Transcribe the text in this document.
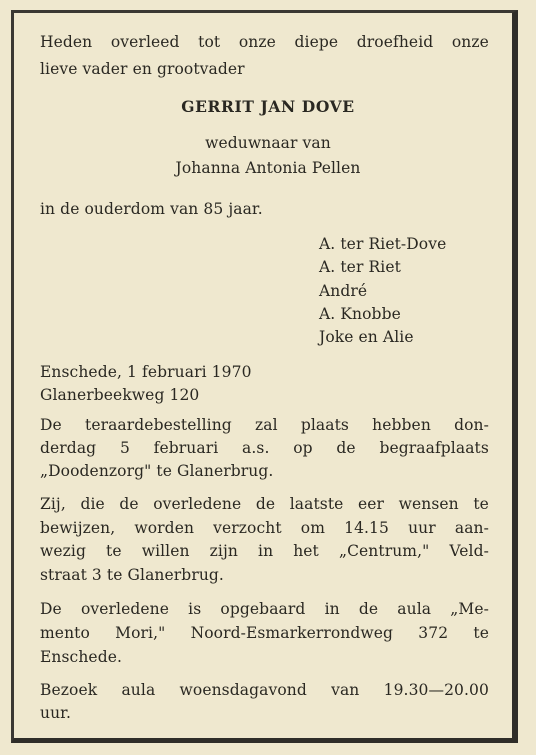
Heden overleed tot onze diepe droefheid onze
lieve vader en grootvader
GERRIT JAN DOVE
weduwnaar van
Johanna Antonia Pellen
in de ouderdom van 85 jaar.
A. ter Riet-Dove
A. ter Riet
André
A. Knobbe
Joke en Alie
Enschede, 1 februari 1970
Glanerbeekweg 120
De teraardebestelling zal plaats hebben don-
derdag 5 februari a.s. op de begraafplaats
„Doodenzorg" te Glanerbrug.
Zij, die de overledene de laatste eer wensen te
bewijzen, worden verzocht om 14.15 uur aan-
wezig te willen zijn in het „Centrum," Veld-
straat 3 te Glanerbrug.
De overledene is opgebaard in de aula „Me-
mento Mori," Noord-Esmarkerrondweg 372 te
Enschede.
Bezoek aula woensdagavond van 19.30—20.00
uur.
